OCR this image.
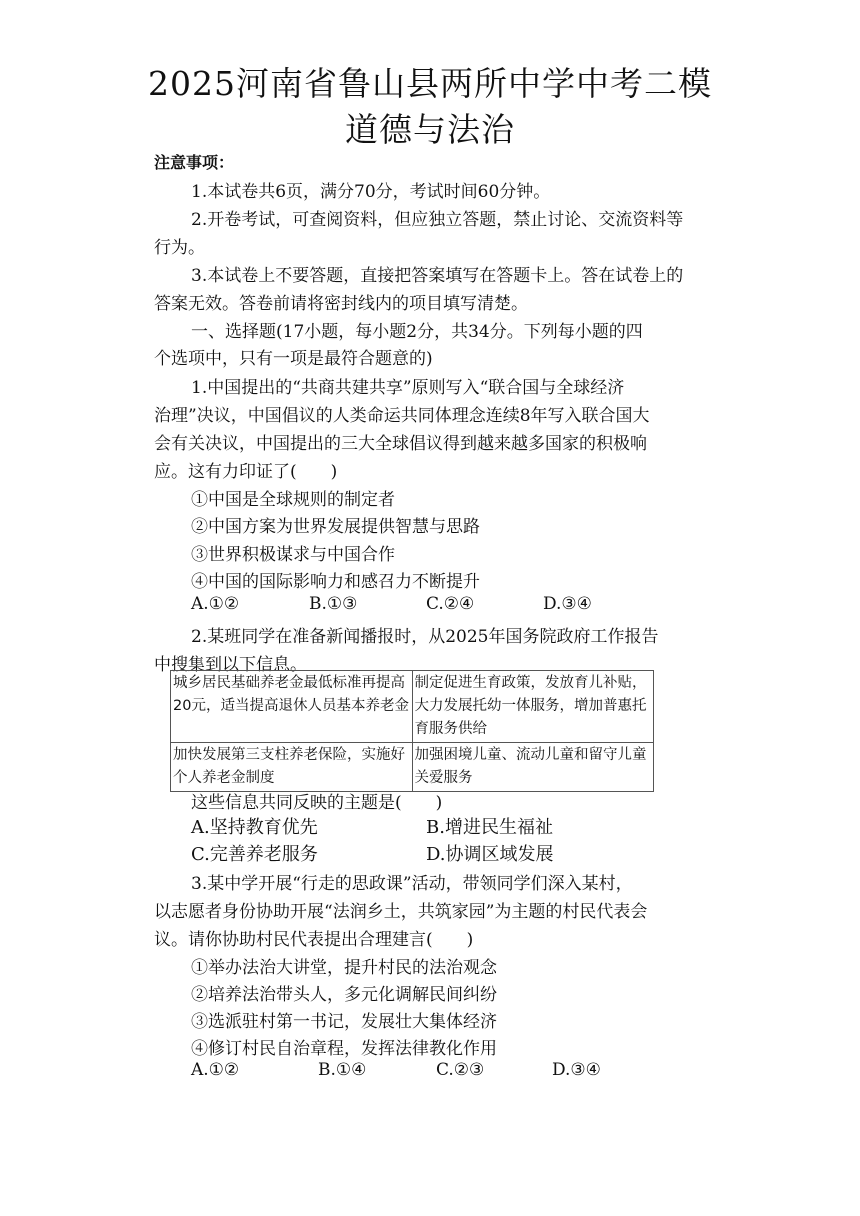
2025河南省鲁山县两所中学中考二模
道德与法治
注意事项：
1.本试卷共6页，满分70分，考试时间60分钟。
2.开卷考试，可查阅资料，但应独立答题，禁止讨论、交流资料等
行为。
3.本试卷上不要答题，直接把答案填写在答题卡上。答在试卷上的
答案无效。答卷前请将密封线内的项目填写清楚。
一、选择题(17小题，每小题2分，共34分。下列每小题的四
个选项中，只有一项是最符合题意的)
1.中国提出的“共商共建共享”原则写入“联合国与全球经济
治理”决议，中国倡议的人类命运共同体理念连续8年写入联合国大
会有关决议，中国提出的三大全球倡议得到越来越多国家的积极响
应。这有力印证了(　　)
①中国是全球规则的制定者
②中国方案为世界发展提供智慧与思路
③世界积极谋求与中国合作
④中国的国际影响力和感召力不断提升
A.①②	B.①③	C.②④	D.③④
2.某班同学在准备新闻播报时，从2025年国务院政府工作报告
中搜集到以下信息。
城乡居民基础养老金最低标准再提高20元，适当提高退休人员基本养老金	制定促进生育政策，发放育儿补贴，大力发展托幼一体服务，增加普惠托育服务供给
加快发展第三支柱养老保险，实施好个人养老金制度	加强困境儿童、流动儿童和留守儿童关爱服务
这些信息共同反映的主题是(　　)
A.坚持教育优先	B.增进民生福祉
C.完善养老服务	D.协调区域发展
3.某中学开展“行走的思政课”活动，带领同学们深入某村，
以志愿者身份协助开展“法润乡土，共筑家园”为主题的村民代表会
议。请你协助村民代表提出合理建言(　　)
①举办法治大讲堂，提升村民的法治观念
②培养法治带头人，多元化调解民间纠纷
③选派驻村第一书记，发展壮大集体经济
④修订村民自治章程，发挥法律教化作用
A.①②	B.①④	C.②③	D.③④
